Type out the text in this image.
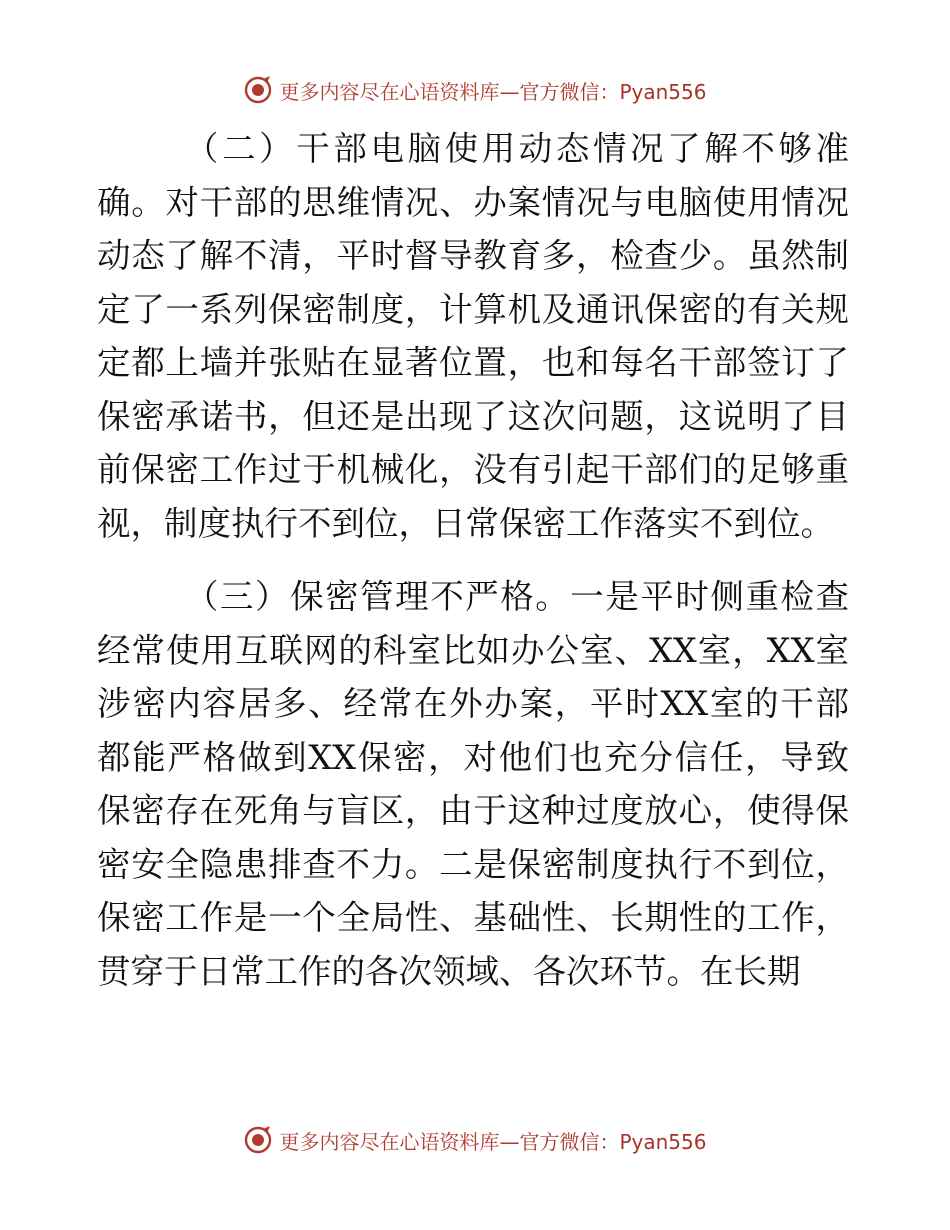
更多内容尽在心语资料库—官方微信：Pyan556
（二）干部电脑使用动态情况了解不够准
确。对干部的思维情况、办案情况与电脑使用情况
动态了解不清，平时督导教育多，检查少。虽然制
定了一系列保密制度，计算机及通讯保密的有关规
定都上墙并张贴在显著位置，也和每名干部签订了
保密承诺书，但还是出现了这次问题，这说明了目
前保密工作过于机械化，没有引起干部们的足够重
视，制度执行不到位，日常保密工作落实不到位。
（三）保密管理不严格。一是平时侧重检查
经常使用互联网的科室比如办公室、XX室，XX室
涉密内容居多、经常在外办案，平时XX室的干部
都能严格做到XX保密，对他们也充分信任，导致
保密存在死角与盲区，由于这种过度放心，使得保
密安全隐患排查不力。二是保密制度执行不到位，
保密工作是一个全局性、基础性、长期性的工作，
贯穿于日常工作的各次领域、各次环节。在长期
更多内容尽在心语资料库—官方微信：Pyan556
